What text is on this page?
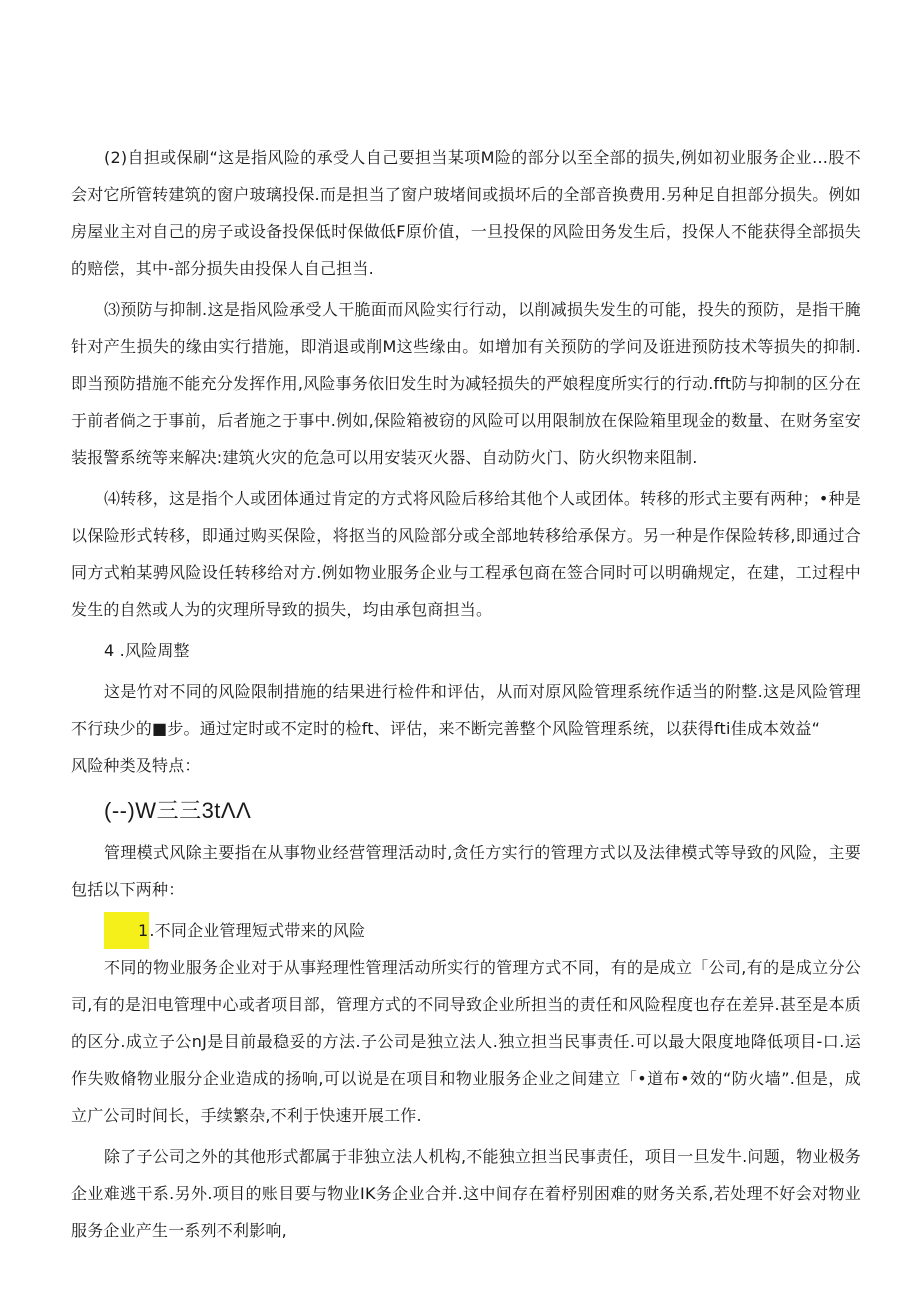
(2)自担或保刷“这是指风险的承受人自己要担当某项M险的部分以至全部的损失,例如初业服务企业…股不会对它所管转建筑的窗户玻璃投保.而是担当了窗户玻堵间或损坏后的全部音换费用.另种足自担部分损失。例如房屋业主对自己的房子或设备投保低时保做低F原价值，一旦投保的风险田务发生后，投保人不能获得全部损失的赔偿，其中-部分损失由投保人自己担当.

⑶预防与抑制.这是指风险承受人干脆面而风险实行行动，以削减损失发生的可能，投失的预防，是指干腌针对产生损失的缘由实行措施，即消退或削M这些缘由。如增加有关预防的学问及诳进预防技术等损失的抑制.即当预防措施不能充分发挥作用,风险事务依旧发生时为减轻损失的严娘程度所实行的行动.fft防与抑制的区分在于前者倘之于事前，后者施之于事中.例如,保险箱被窃的风险可以用限制放在保险箱里现金的数量、在财务室安装报警系统等来解决:建筑火灾的危急可以用安装灭火器、自动防火门、防火织物来阻制.

⑷转移，这是指个人或团体通过肯定的方式将风险后移给其他个人或团体。转移的形式主要有两种；•种是以保险形式转移，即通过购买保险，将抠当的风险部分或全部地转移给承保方。另一种是作保险转移,即通过合同方式粕某骋风险设任转移给对方.例如物业服务企业与工程承包商在签合同时可以明确规定，在建，工过程中发生的自然或人为的灾理所导致的损失，均由承包商担当。

4 .风险周整

这是竹对不同的风险限制措施的结果进行检件和评估，从而对原风险管理系统作适当的附整.这是风险管理不行玦少的■步。通过定时或不定时的检ft、评估，来不断完善整个风险管理系统，以获得fti佳成本效益“

风险种类及特点：

(--)W三三3tΛΛ

管理模式风除主要指在从事物业经营管理活动时,贪任方实行的管理方式以及法律模式等导致的风险，主要包括以下两种：

1.不同企业管理短式带来的风险

不同的物业服务企业对于从事羟理性管理活动所实行的管理方式不同，有的是成立「公司,有的是成立分公司,有的是汨电管理中心或者项目部，管理方式的不同导致企业所担当的责任和风险程度也存在差异.甚至是本质的区分.成立子公nJ是目前最稳妥的方法.子公司是独立法人.独立担当民事责任.可以最大限度地降低项目-口.运作失败脩物业服分企业造成的扬响,可以说是在项目和物业服务企业之间建立「•道布•效的“防火墙”.但是，成立广公司时间长，手续繁杂,不利于快速开展工作.

除了子公司之外的其他形式都属于非独立法人机构,不能独立担当民事责任，项目一旦发牛.问题，物业极务企业难逃干系.另外.项目的账目要与物业IK务企业合并.这中间存在着杼别困难的财务关系,若处理不好会对物业服务企业产生一系列不利影响,
